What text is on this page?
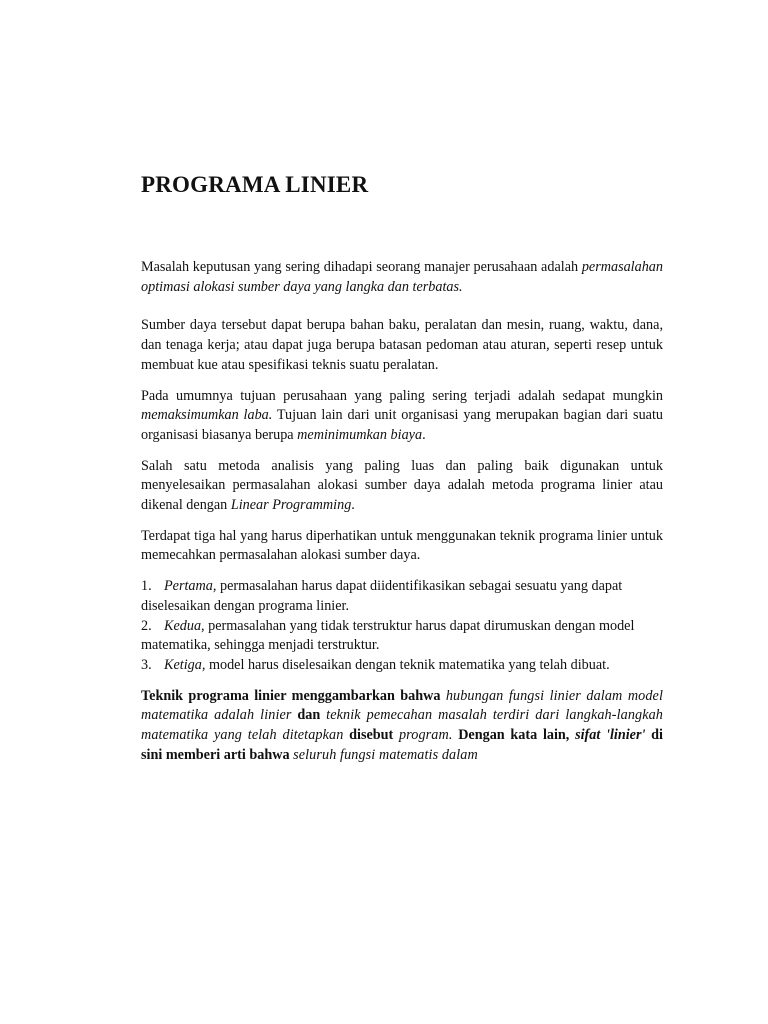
PROGRAMA LINIER

Masalah keputusan yang sering dihadapi seorang manajer perusahaan adalah permasalahan optimasi alokasi sumber daya yang langka dan terbatas.

Sumber daya tersebut dapat berupa bahan baku, peralatan dan mesin, ruang, waktu, dana, dan tenaga kerja; atau dapat juga berupa batasan pedoman atau aturan, seperti resep untuk membuat kue atau spesifikasi teknis suatu peralatan.

Pada umumnya tujuan perusahaan yang paling sering terjadi adalah sedapat mungkin memaksimumkan laba. Tujuan lain dari unit organisasi yang merupakan bagian dari suatu organisasi biasanya berupa meminimumkan biaya.

Salah satu metoda analisis yang paling luas dan paling baik digunakan untuk menyelesaikan permasalahan alokasi sumber daya adalah metoda programa linier atau dikenal dengan Linear Programming.

Terdapat tiga hal yang harus diperhatikan untuk menggunakan teknik programa linier untuk memecahkan permasalahan alokasi sumber daya.

1. Pertama, permasalahan harus dapat diidentifikasikan sebagai sesuatu yang dapat diselesaikan dengan programa linier.
2. Kedua, permasalahan yang tidak terstruktur harus dapat dirumuskan dengan model matematika, sehingga menjadi terstruktur.
3. Ketiga, model harus diselesaikan dengan teknik matematika yang telah dibuat.

Teknik programa linier menggambarkan bahwa hubungan fungsi linier dalam model matematika adalah linier dan teknik pemecahan masalah terdiri dari langkah-langkah matematika yang telah ditetapkan disebut program. Dengan kata lain, sifat 'linier' di sini memberi arti bahwa seluruh fungsi matematis dalam
